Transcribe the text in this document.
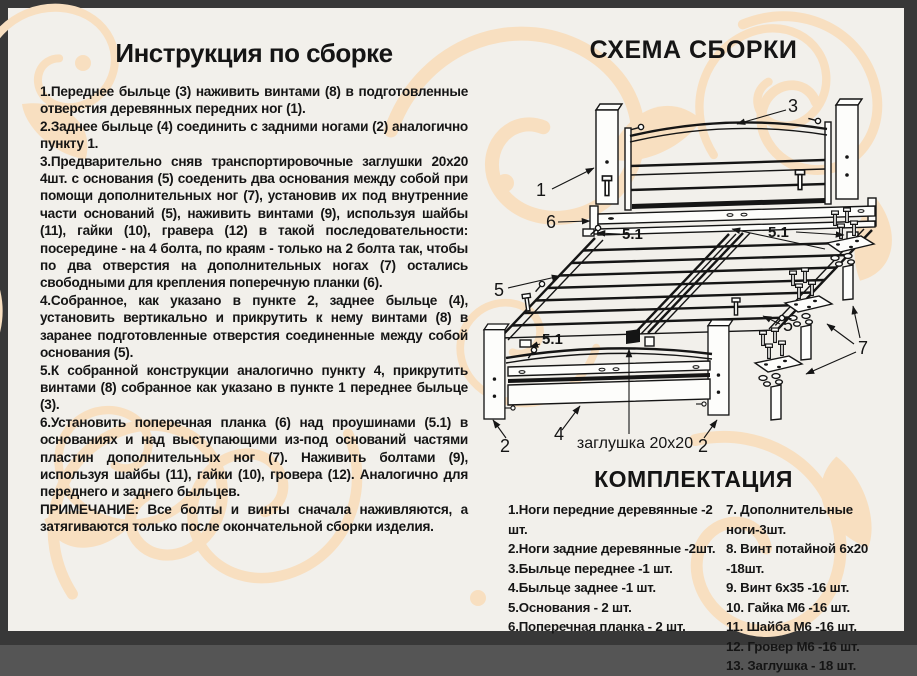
Инструкция по сборке

1.Переднее быльце (3) наживить винтами (8) в подготовленные отверстия деревянных передних ног (1).

2.Заднее быльце (4) соединить с задними ногами (2) аналогично пункту 1.

3.Предварительно сняв транспортировочные заглушки 20х20 4шт. с основания (5) соеденить два основания между собой при помощи дополнительных ног (7), установив их под внутренние части оснований (5), наживить винтами (9), используя шайбы (11), гайки (10), гравера (12) в такой последовательности: посередине - на 4 болта, по краям - только на 2 болта так, чтобы по два отверстия на дополнительных ногах (7) остались свободными для крепления поперечную планки (6).

4.Собранное, как указано в пункте 2, заднее быльце (4), установить вертикально и прикрутить к нему винтами (8) в заранее подготовленные отверстия соединенные между собой основания (5).

5.К собранной конструкции аналогично пункту 4, прикрутить винтами (8) собранное как указано в пункте 1 переднее быльце (3).

6.Установить поперечная планка (6) над проушинами (5.1) в основаниях и над выступающими из-под оснований частями пластин дополнительных ног (7). Наживить болтами (9), используя шайбы (11), гайки (10), гровера (12). Аналогично для переднего и заднего быльцев.

ПРИМЕЧАНИЕ: Все болты и винты сначала наживляются, а затягиваются только после окончательной сборки изделия.

СХЕМА СБОРКИ
1
3
6
5.1	5.1
5.1
5
5
7
2	2
4 заглушка 20х20
КОМПЛЕКТАЦИЯ
1.Ноги передние деревянные -2 шт.
2.Ноги задние деревянные -2шт.
3.Быльце переднее -1 шт.
4.Быльце заднее -1 шт.
5.Основания - 2 шт.
6.Поперечная планка - 2 шт.
7. Дополнительные ноги-3шт.
8. Винт потайной 6х20 -18шт.
9. Винт 6х35 -16 шт.
10. Гайка М6 -16 шт.
11. Шайба М6 -16 шт.
12. Гровер М6 -16 шт.
13. Заглушка - 18 шт.
